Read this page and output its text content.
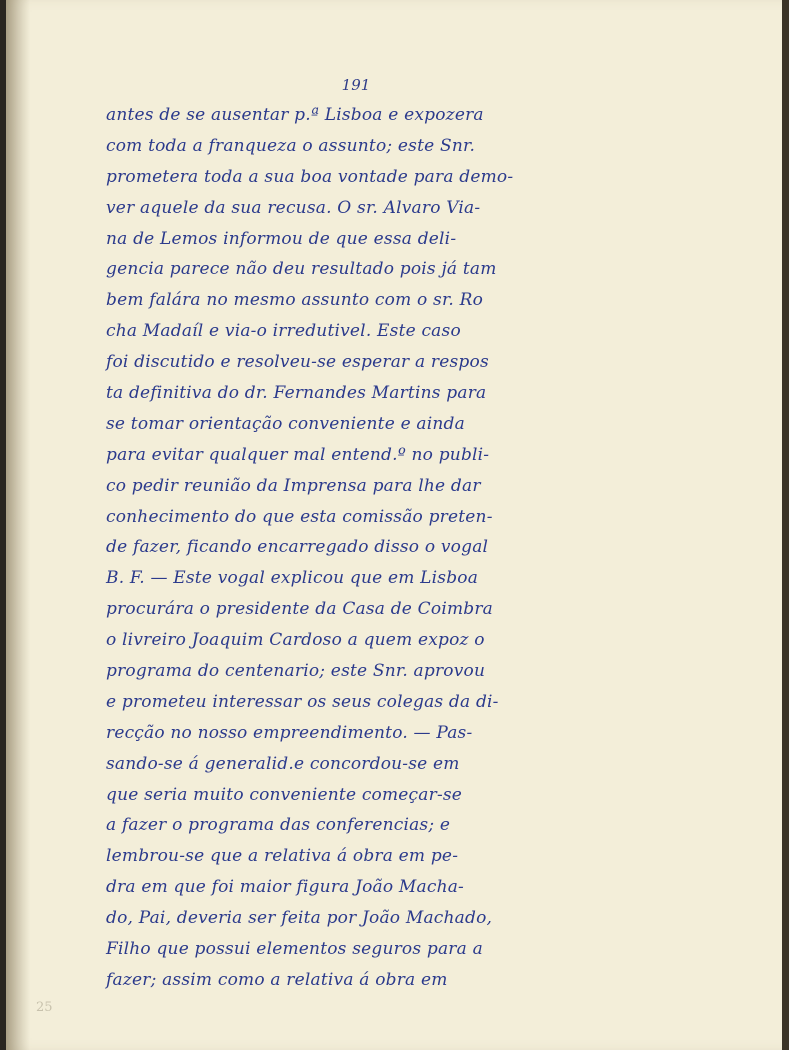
191
antes de se ausentar p.ª Lisboa e expozera
com toda a franqueza o assunto; este Snr.
prometera toda a sua boa vontade para demo-
ver aquele da sua recusa. O sr. Alvaro Via-
na de Lemos informou de que essa deli-
gencia parece não deu resultado pois já tam
bem falára no mesmo assunto com o sr. Ro
cha Madaíl e via-o irredutivel. Este caso
foi discutido e resolveu-se esperar a respos
ta definitiva do dr. Fernandes Martins para
se tomar orientação conveniente e ainda
para evitar qualquer mal entend.º no publi-
co pedir reunião da Imprensa para lhe dar
conhecimento do que esta comissão preten-
de fazer, ficando encarregado disso o vogal
B. F. — Este vogal explicou que em Lisboa
procurára o presidente da Casa de Coimbra
o livreiro Joaquim Cardoso a quem expoz o
programa do centenario; este Snr. aprovou
e prometeu interessar os seus colegas da di-
recção no nosso empreendimento. — Pas-
sando-se á generalid.e concordou-se em
que seria muito conveniente começar-se
a fazer o programa das conferencias; e
lembrou-se que a relativa á obra em pe-
dra em que foi maior figura João Macha-
do, Pai, deveria ser feita por João Machado,
Filho que possui elementos seguros para a
fazer; assim como a relativa á obra em
25
